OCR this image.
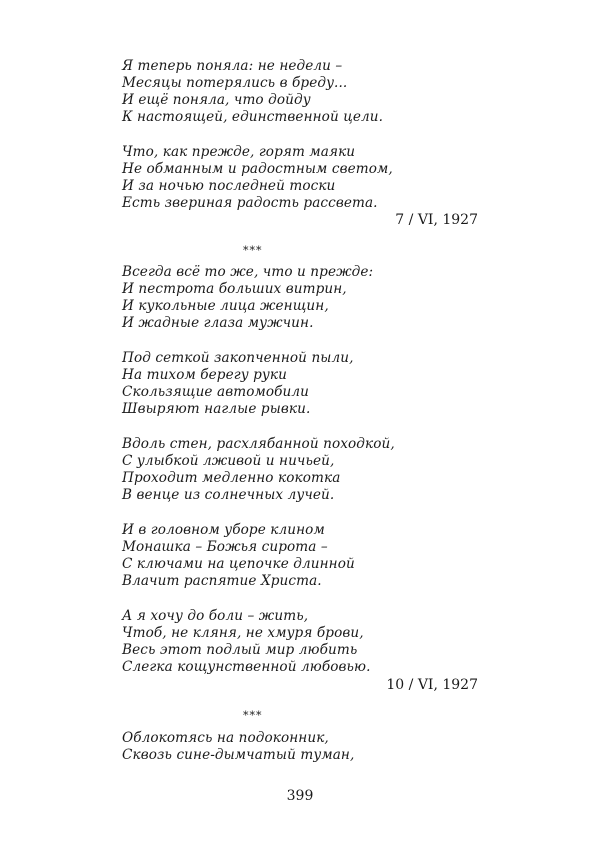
Я теперь поняла: не недели –
Месяцы потерялись в бреду...
И ещё поняла, что дойду
К настоящей, единственной цели.
Что, как прежде, горят маяки
Не обманным и радостным светом,
И за ночью последней тоски
Есть звериная радость рассвета.
7 / VI, 1927
***
Всегда всё то же, что и прежде:
И пестрота больших витрин,
И кукольные лица женщин,
И жадные глаза мужчин.
Под сеткой закопченной пыли,
На тихом берегу руки
Скользящие автомобили
Швыряют наглые рывки.
Вдоль стен, расхлябанной походкой,
С улыбкой лживой и ничьей,
Проходит медленно кокотка
В венце из солнечных лучей.
И в головном уборе клином
Монашка – Божья сирота –
С ключами на цепочке длинной
Влачит распятие Христа.
А я хочу до боли – жить,
Чтоб, не кляня, не хмуря брови,
Весь этот подлый мир любить
Слегка кощунственной любовью.
10 / VI, 1927
***
Облокотясь на подоконник,
Сквозь сине-дымчатый туман,
399
